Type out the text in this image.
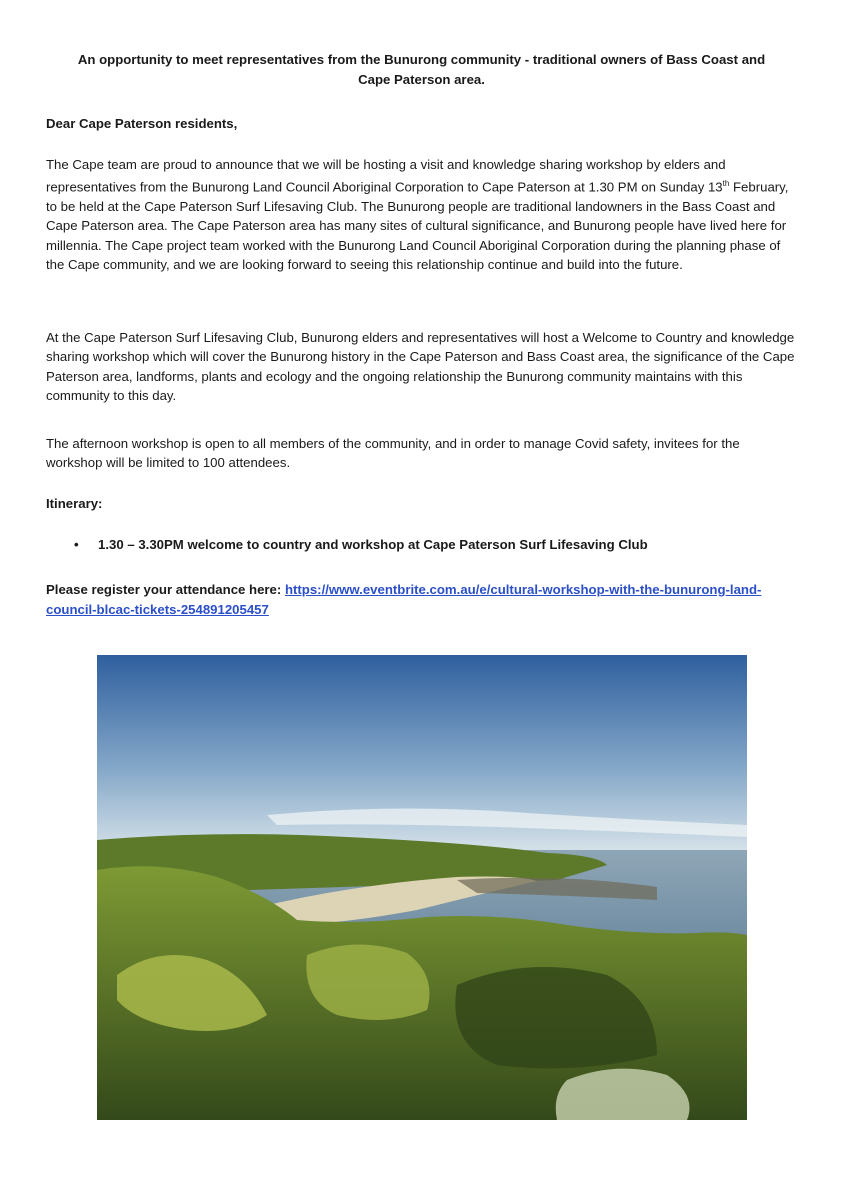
An opportunity to meet representatives from the Bunurong community - traditional owners of Bass Coast and Cape Paterson area.
Dear Cape Paterson residents,

The Cape team are proud to announce that we will be hosting a visit and knowledge sharing workshop by elders and representatives from the Bunurong Land Council Aboriginal Corporation to Cape Paterson at 1.30 PM on Sunday 13th February, to be held at the Cape Paterson Surf Lifesaving Club. The Bunurong people are traditional landowners in the Bass Coast and Cape Paterson area. The Cape Paterson area has many sites of cultural significance, and Bunurong people have lived here for millennia. The Cape project team worked with the Bunurong Land Council Aboriginal Corporation during the planning phase of the Cape community, and we are looking forward to seeing this relationship continue and build into the future.

At the Cape Paterson Surf Lifesaving Club, Bunurong elders and representatives will host a Welcome to Country and knowledge sharing workshop which will cover the Bunurong history in the Cape Paterson and Bass Coast area, the significance of the Cape Paterson area, landforms, plants and ecology and the ongoing relationship the Bunurong community maintains with this community to this day.

The afternoon workshop is open to all members of the community, and in order to manage Covid safety, invitees for the workshop will be limited to 100 attendees.

Itinerary:
•	1.30 – 3.30PM welcome to country and workshop at Cape Paterson Surf Lifesaving Club
Please register your attendance here: https://www.eventbrite.com.au/e/cultural-workshop-with-the-bunurong-land-council-blcac-tickets-254891205457
